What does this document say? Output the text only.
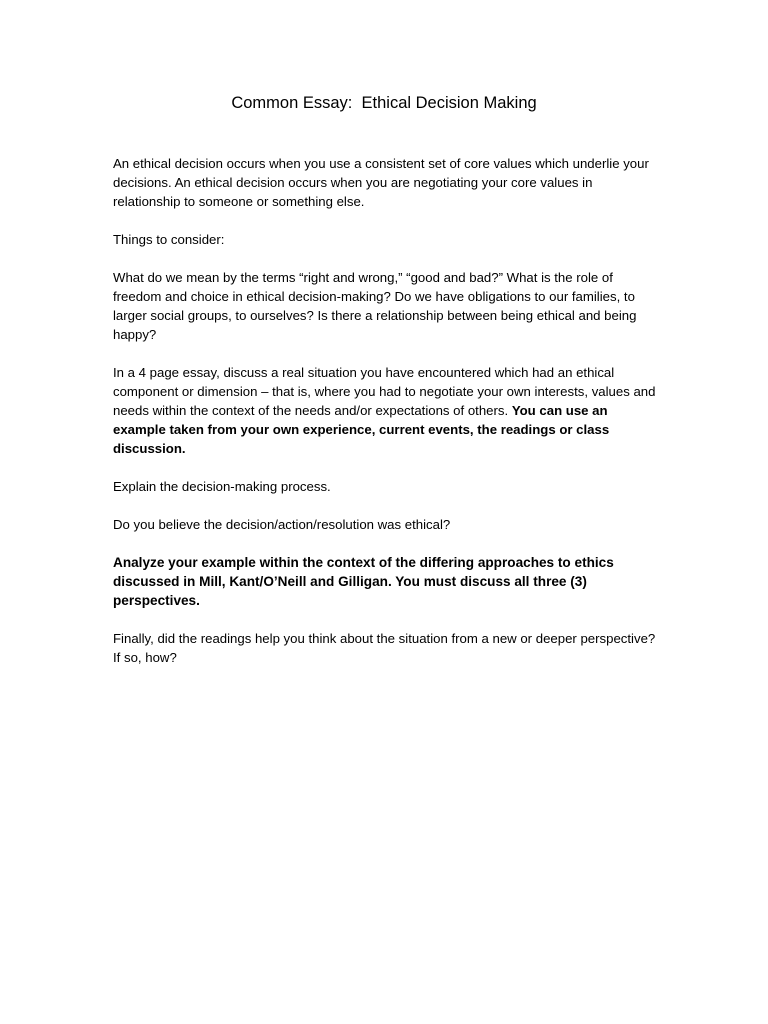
Common Essay:  Ethical Decision Making

An ethical decision occurs when you use a consistent set of core values which underlie your decisions. An ethical decision occurs when you are negotiating your core values in relationship to someone or something else.

Things to consider:

What do we mean by the terms “right and wrong,” “good and bad?” What is the role of freedom and choice in ethical decision-making? Do we have obligations to our families, to larger social groups, to ourselves? Is there a relationship between being ethical and being happy?

In a 4 page essay, discuss a real situation you have encountered which had an ethical component or dimension – that is, where you had to negotiate your own interests, values and needs within the context of the needs and/or expectations of others. You can use an example taken from your own experience, current events, the readings or class discussion.

Explain the decision-making process.

Do you believe the decision/action/resolution was ethical?

Analyze your example within the context of the differing approaches to ethics discussed in Mill, Kant/O’Neill and Gilligan. You must discuss all three (3) perspectives.

Finally, did the readings help you think about the situation from a new or deeper perspective? If so, how?
